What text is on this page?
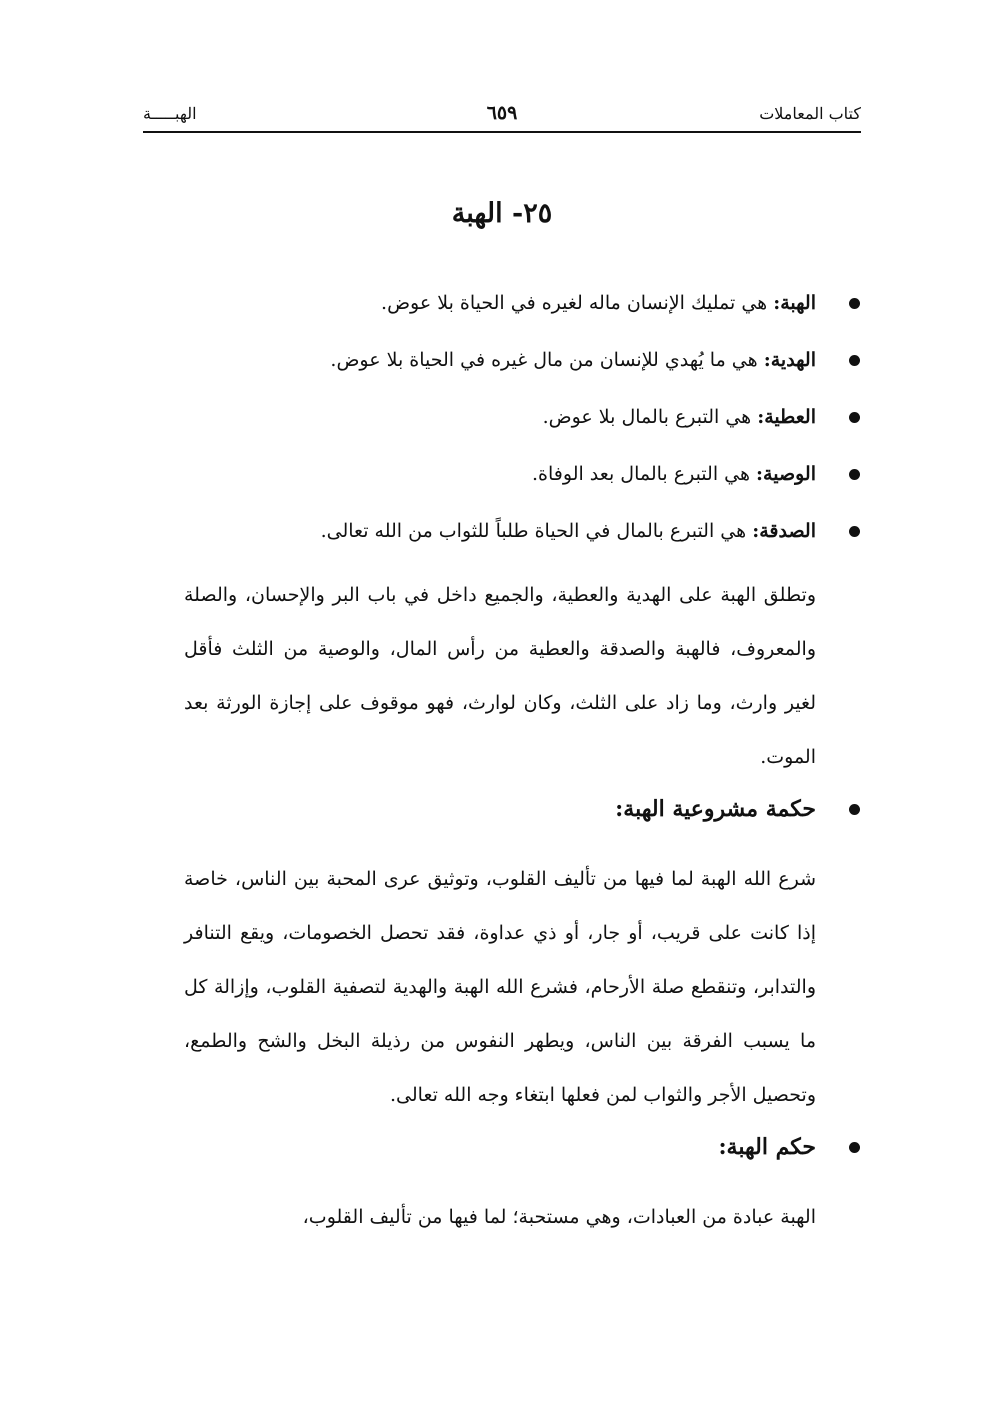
كتاب المعاملات
٦٥٩
الهبـــــة
٢٥- الهبة
الهبة: هي تمليك الإنسان ماله لغيره في الحياة بلا عوض.
الهدية: هي ما يُهدي للإنسان من مال غيره في الحياة بلا عوض.
العطية: هي التبرع بالمال بلا عوض.
الوصية: هي التبرع بالمال بعد الوفاة.
الصدقة: هي التبرع بالمال في الحياة طلباً للثواب من الله تعالى.

وتطلق الهبة على الهدية والعطية، والجميع داخل في باب البر والإحسان، والصلة والمعروف، فالهبة والصدقة والعطية من رأس المال، والوصية من الثلث فأقل لغير وارث، وما زاد على الثلث، وكان لوارث، فهو موقوف على إجازة الورثة بعد الموت.

حكمة مشروعية الهبة:

شرع الله الهبة لما فيها من تأليف القلوب، وتوثيق عرى المحبة بين الناس، خاصة إذا كانت على قريب، أو جار، أو ذي عداوة، فقد تحصل الخصومات، ويقع التنافر والتدابر، وتنقطع صلة الأرحام، فشرع الله الهبة والهدية لتصفية القلوب، وإزالة كل ما يسبب الفرقة بين الناس، ويطهر النفوس من رذيلة البخل والشح والطمع، وتحصيل الأجر والثواب لمن فعلها ابتغاء وجه الله تعالى.

حكم الهبة:

الهبة عبادة من العبادات، وهي مستحبة؛ لما فيها من تأليف القلوب،
